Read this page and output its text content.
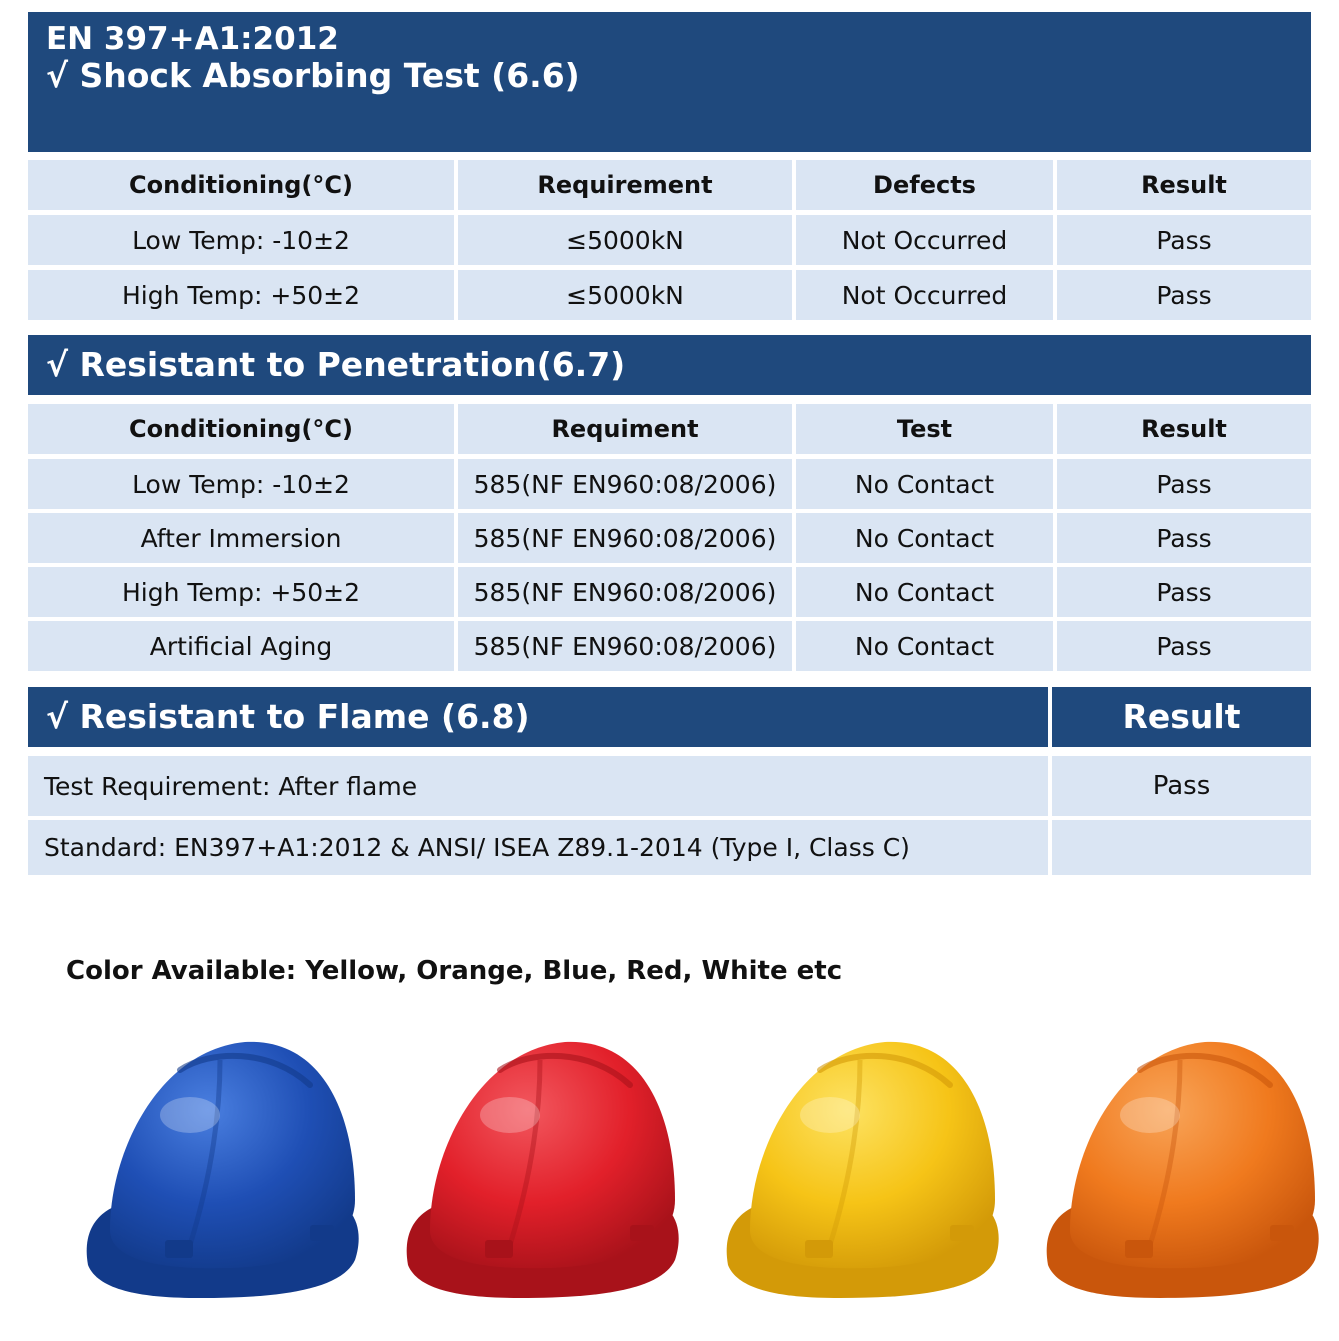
EN 397+A1:2012
√ Shock Absorbing Test (6.6)
Conditioning(°C)	Requirement	Defects	Result
Low Temp: -10±2	≤5000kN	Not Occurred	Pass
High Temp: +50±2	≤5000kN	Not Occurred	Pass
√ Resistant to Penetration(6.7)
Conditioning(°C)	Requiment	Test	Result
Low Temp: -10±2	585(NF EN960:08/2006)	No Contact	Pass
After Immersion	585(NF EN960:08/2006)	No Contact	Pass
High Temp: +50±2	585(NF EN960:08/2006)	No Contact	Pass
Artificial Aging	585(NF EN960:08/2006)	No Contact	Pass
√ Resistant to Flame (6.8)	Result
Test Requirement: After flame	Pass
Standard: EN397+A1:2012 & ANSI/ ISEA Z89.1-2014 (Type I, Class C)
Color Available: Yellow, Orange, Blue, Red, White etc
